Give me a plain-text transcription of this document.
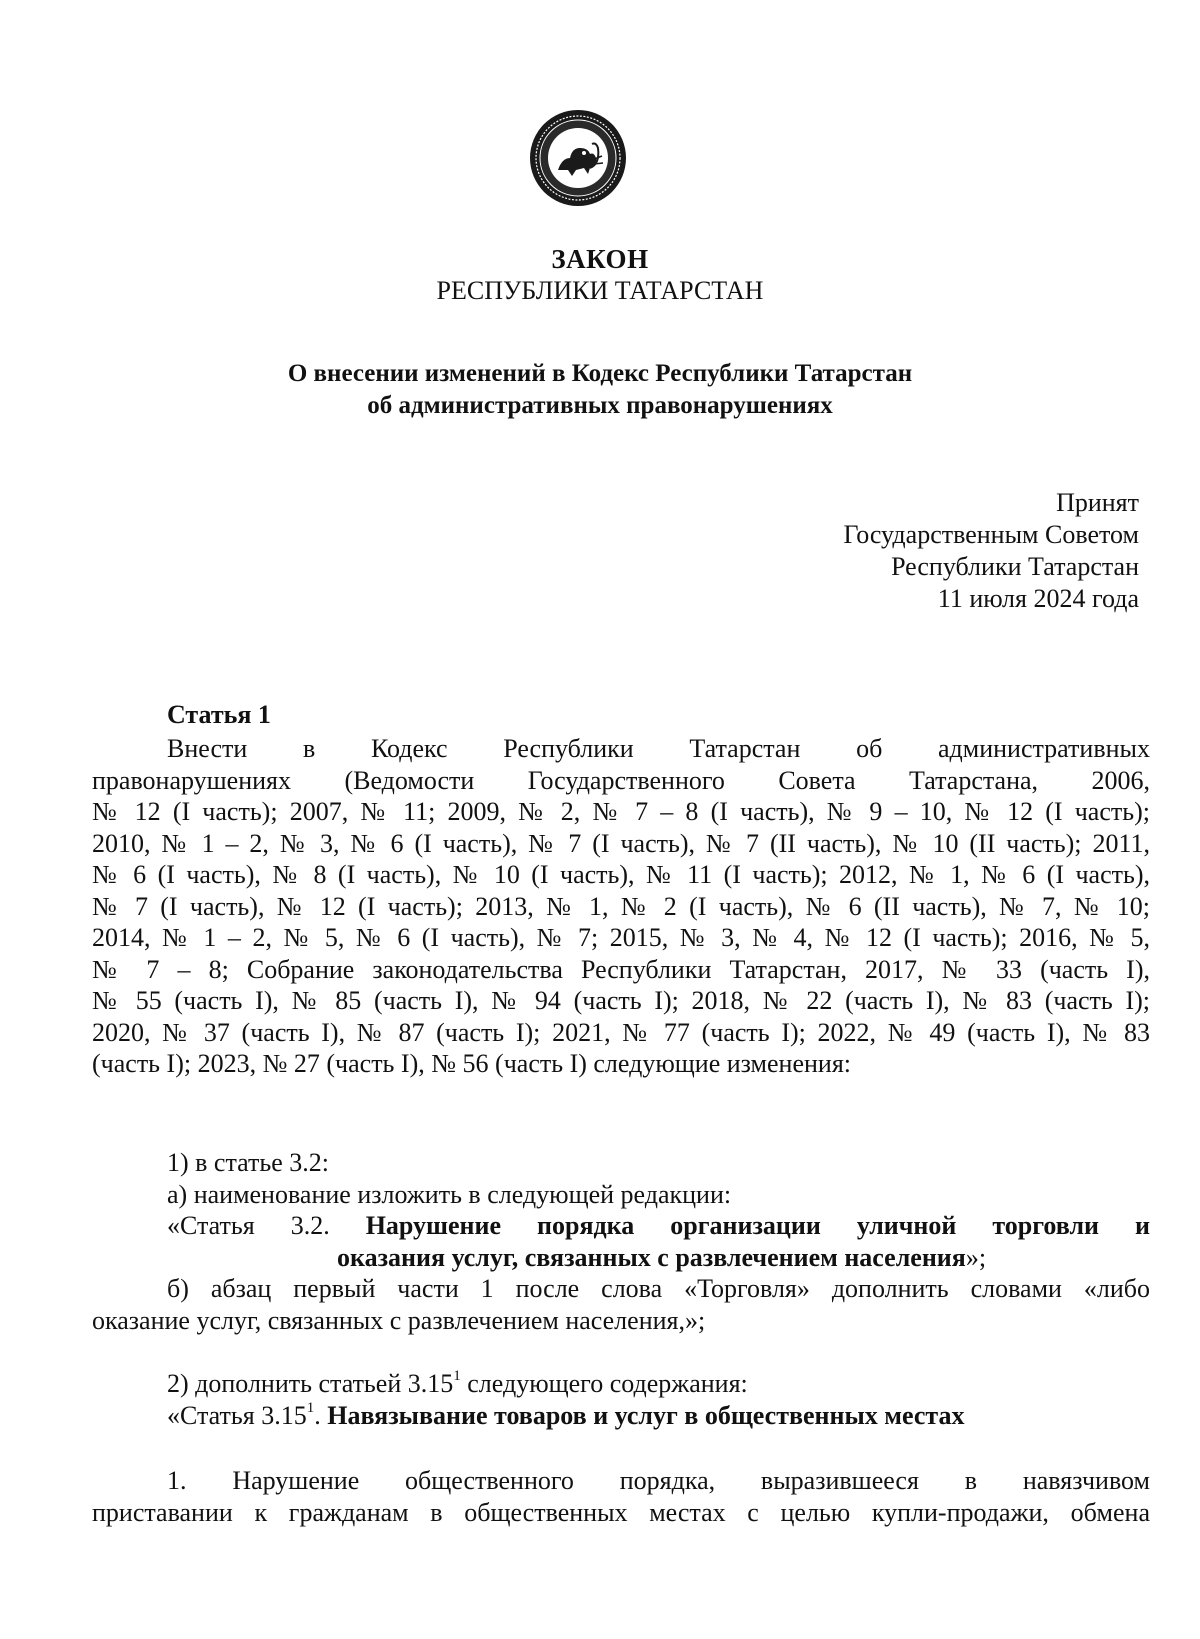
ЗАКОН
РЕСПУБЛИКИ ТАТАРСТАН
О внесении изменений в Кодекс Республики Татарстан
об административных правонарушениях
Принят
Государственным Советом
Республики Татарстан
11 июля 2024 года
Статья 1
Внести в Кодекс Республики Татарстан об административных
правонарушениях (Ведомости Государственного Совета Татарстана, 2006,
№ 12 (I часть); 2007, № 11; 2009, № 2, № 7 – 8 (I часть), № 9 – 10, № 12 (I часть);
2010, № 1 – 2, № 3, № 6 (I часть), № 7 (I часть), № 7 (II часть), № 10 (II часть); 2011,
№ 6 (I часть), № 8 (I часть), № 10 (I часть), № 11 (I часть); 2012, № 1, № 6 (I часть),
№ 7 (I часть), № 12 (I часть); 2013, № 1, № 2 (I часть), № 6 (II часть), № 7, № 10;
2014, № 1 – 2, № 5, № 6 (I часть), № 7; 2015, № 3, № 4, № 12 (I часть); 2016, № 5,
№ 7 – 8; Собрание законодательства Республики Татарстан, 2017, № 33 (часть I),
№ 55 (часть I), № 85 (часть I), № 94 (часть I); 2018, № 22 (часть I), № 83 (часть I);
2020, № 37 (часть I), № 87 (часть I); 2021, № 77 (часть I); 2022, № 49 (часть I), № 83
(часть I); 2023, № 27 (часть I), № 56 (часть I) следующие изменения:
1) в статье 3.2:
а) наименование изложить в следующей редакции:
«Статья 3.2. Нарушение порядка организации уличной торговли и
оказания услуг, связанных с развлечением населения»;
б) абзац первый части 1 после слова «Торговля» дополнить словами «либо
оказание услуг, связанных с развлечением населения,»;
2) дополнить статьей 3.15$^1$ следующего содержания:
«Статья 3.15$^1$. Навязывание товаров и услуг в общественных местах
1. Нарушение общественного порядка, выразившееся в навязчивом
приставании к гражданам в общественных местах с целью купли-продажи, обмена
